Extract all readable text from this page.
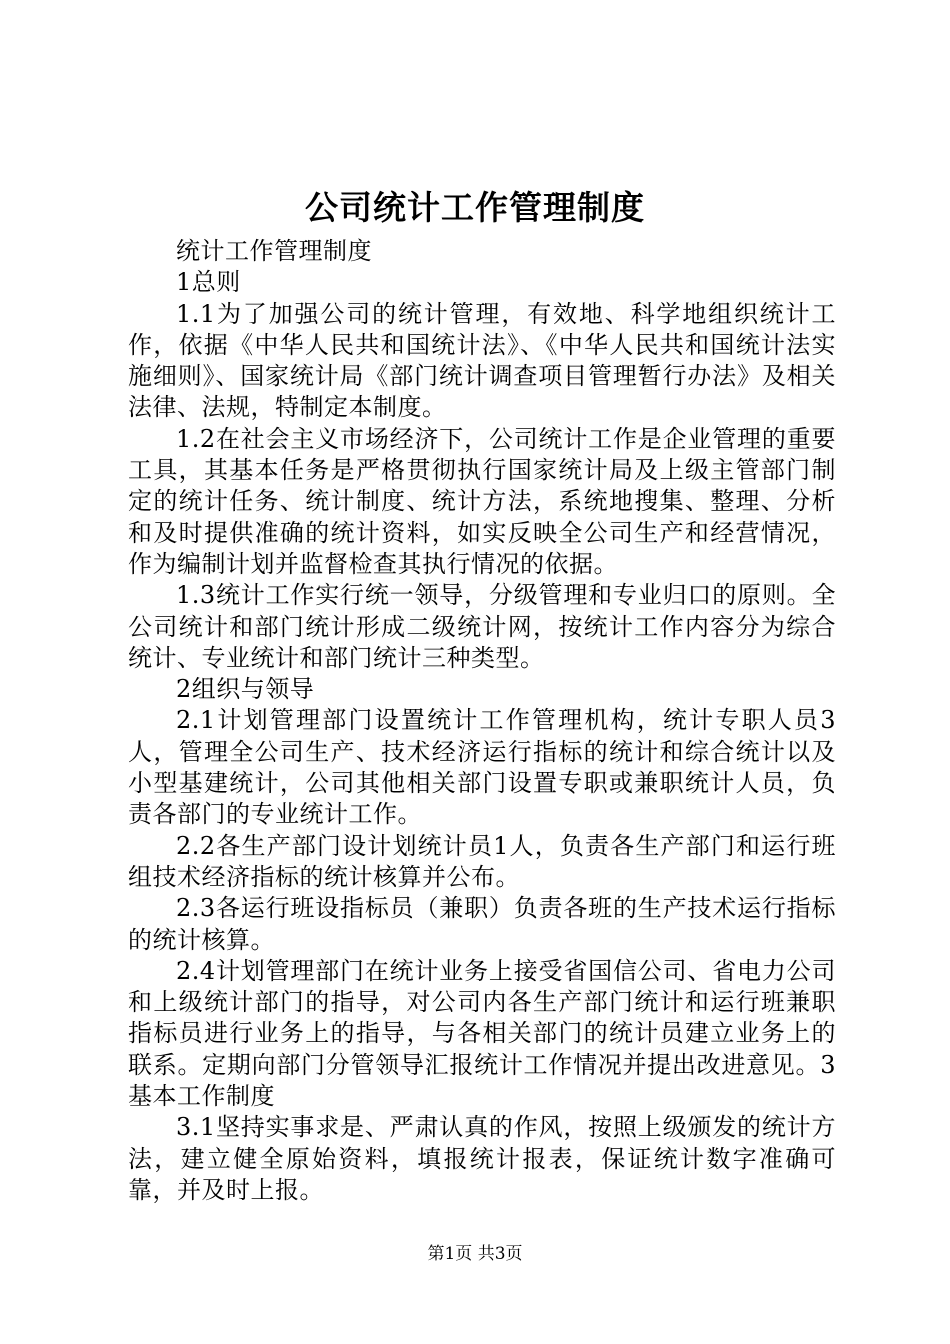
公司统计工作管理制度

统计工作管理制度

1总则

1.1为了加强公司的统计管理，有效地、科学地组织统计工作，依据《中华人民共和国统计法》、《中华人民共和国统计法实施细则》、国家统计局《部门统计调查项目管理暂行办法》及相关法律、法规，特制定本制度。

1.2在社会主义市场经济下，公司统计工作是企业管理的重要工具，其基本任务是严格贯彻执行国家统计局及上级主管部门制定的统计任务、统计制度、统计方法，系统地搜集、整理、分析和及时提供准确的统计资料，如实反映全公司生产和经营情况，作为编制计划并监督检查其执行情况的依据。

1.3统计工作实行统一领导，分级管理和专业归口的原则。全公司统计和部门统计形成二级统计网，按统计工作内容分为综合统计、专业统计和部门统计三种类型。

2组织与领导

2.1计划管理部门设置统计工作管理机构，统计专职人员3人，管理全公司生产、技术经济运行指标的统计和综合统计以及小型基建统计，公司其他相关部门设置专职或兼职统计人员，负责各部门的专业统计工作。

2.2各生产部门设计划统计员1人，负责各生产部门和运行班组技术经济指标的统计核算并公布。

2.3各运行班设指标员（兼职）负责各班的生产技术运行指标的统计核算。

2.4计划管理部门在统计业务上接受省国信公司、省电力公司和上级统计部门的指导，对公司内各生产部门统计和运行班兼职指标员进行业务上的指导，与各相关部门的统计员建立业务上的联系。定期向部门分管领导汇报统计工作情况并提出改进意见。3基本工作制度

3.1坚持实事求是、严肃认真的作风，按照上级颁发的统计方法，建立健全原始资料，填报统计报表，保证统计数字准确可靠，并及时上报。

第1页 共3页
